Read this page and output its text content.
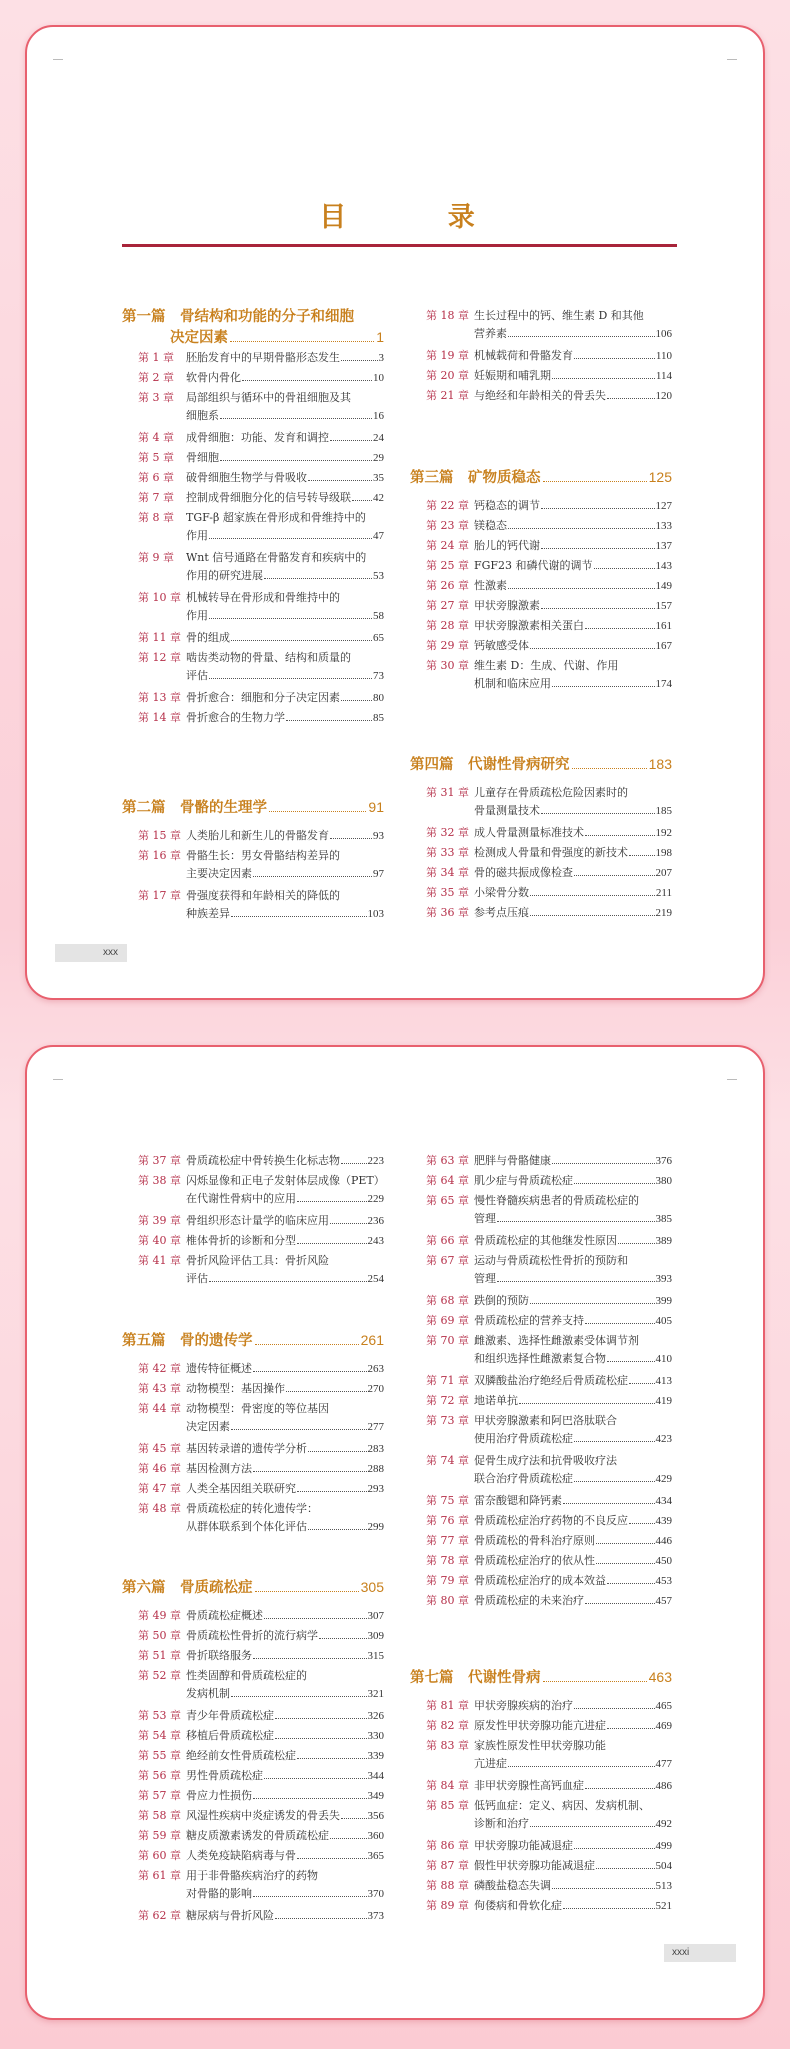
目 录
第一篇　骨结构和功能的分子和细胞
决定因素	1
第 1 章	胚胎发育中的早期骨骼形态发生	3
第 2 章	软骨内骨化	10
第 3 章	局部组织与循环中的骨祖细胞及其
细胞系	16
第 4 章	成骨细胞：功能、发育和调控	24
第 5 章	骨细胞	29
第 6 章	破骨细胞生物学与骨吸收	35
第 7 章	控制成骨细胞分化的信号转导级联 42
第 8 章	TGF-β 超家族在骨形成和骨维持中的
作用	47
第 9 章	Wnt 信号通路在骨骼发育和疾病中的
作用的研究进展	53
第 10 章 机械转导在骨形成和骨维持中的
作用	58
第 11 章 骨的组成	65
第 12 章 啮齿类动物的骨量、结构和质量的
评估	73
第 13 章 骨折愈合：细胞和分子决定因素	80
第 14 章 骨折愈合的生物力学	85
第二篇　骨骼的生理学	91
第 15 章 人类胎儿和新生儿的骨骼发育	93
第 16 章 骨骼生长：男女骨骼结构差异的
主要决定因素	97
第 17 章 骨强度获得和年龄相关的降低的
种族差异	103
第 18 章 生长过程中的钙、维生素 D 和其他
营养素	106
第 19 章 机械载荷和骨骼发育	110
第 20 章 妊娠期和哺乳期	114
第 21 章 与绝经和年龄相关的骨丢失	120
第三篇　矿物质稳态	125
第 22 章 钙稳态的调节	127
第 23 章 镁稳态	133
第 24 章 胎儿的钙代谢	137
第 25 章 FGF23 和磷代谢的调节	143
第 26 章 性激素	149
第 27 章 甲状旁腺激素	157
第 28 章 甲状旁腺激素相关蛋白	161
第 29 章 钙敏感受体	167
第 30 章 维生素 D：生成、代谢、作用
机制和临床应用	174
第四篇　代谢性骨病研究	183
第 31 章 儿童存在骨质疏松危险因素时的
骨量测量技术	185
第 32 章 成人骨量测量标准技术	192
第 33 章 检测成人骨量和骨强度的新技术	198
第 34 章 骨的磁共振成像检查	207
第 35 章 小梁骨分数	211
第 36 章 参考点压痕	219
xxx
第 37 章 骨质疏松症中骨转换生化标志物	223
第 38 章 闪烁显像和正电子发射体层成像（PET）
在代谢性骨病中的应用	229
第 39 章 骨组织形态计量学的临床应用	236
第 40 章 椎体骨折的诊断和分型	243
第 41 章 骨折风险评估工具：骨折风险
评估	254
第五篇　骨的遗传学	261
第 42 章 遗传特征概述	263
第 43 章 动物模型：基因操作	270
第 44 章 动物模型：骨密度的等位基因
决定因素	277
第 45 章 基因转录谱的遗传学分析	283
第 46 章 基因检测方法	288
第 47 章 人类全基因组关联研究	293
第 48 章 骨质疏松症的转化遗传学：
从群体联系到个体化评估	299
第六篇　骨质疏松症	305
第 49 章 骨质疏松症概述	307
第 50 章 骨质疏松性骨折的流行病学	309
第 51 章 骨折联络服务	315
第 52 章 性类固醇和骨质疏松症的
发病机制	321
第 53 章 青少年骨质疏松症	326
第 54 章 移植后骨质疏松症	330
第 55 章 绝经前女性骨质疏松症	339
第 56 章 男性骨质疏松症	344
第 57 章 骨应力性损伤	349
第 58 章 风湿性疾病中炎症诱发的骨丢失	356
第 59 章 糖皮质激素诱发的骨质疏松症	360
第 60 章 人类免疫缺陷病毒与骨	365
第 61 章 用于非骨骼疾病治疗的药物
对骨骼的影响	370
第 62 章 糖尿病与骨折风险	373
第 63 章 肥胖与骨骼健康	376
第 64 章 肌少症与骨质疏松症	380
第 65 章 慢性脊髓疾病患者的骨质疏松症的
管理	385
第 66 章 骨质疏松症的其他继发性原因	389
第 67 章 运动与骨质疏松性骨折的预防和
管理	393
第 68 章 跌倒的预防	399
第 69 章 骨质疏松症的营养支持	405
第 70 章 雌激素、选择性雌激素受体调节剂
和组织选择性雌激素复合物	410
第 71 章 双膦酸盐治疗绝经后骨质疏松症	413
第 72 章 地诺单抗	419
第 73 章 甲状旁腺激素和阿巴洛肽联合
使用治疗骨质疏松症	423
第 74 章 促骨生成疗法和抗骨吸收疗法
联合治疗骨质疏松症	429
第 75 章 雷奈酸锶和降钙素	434
第 76 章 骨质疏松症治疗药物的不良反应	439
第 77 章 骨质疏松的骨科治疗原则	446
第 78 章 骨质疏松症治疗的依从性	450
第 79 章 骨质疏松症治疗的成本效益	453
第 80 章 骨质疏松症的未来治疗	457
第七篇　代谢性骨病	463
第 81 章 甲状旁腺疾病的治疗	465
第 82 章 原发性甲状旁腺功能亢进症	469
第 83 章 家族性原发性甲状旁腺功能
亢进症	477
第 84 章 非甲状旁腺性高钙血症	486
第 85 章 低钙血症：定义、病因、发病机制、
诊断和治疗	492
第 86 章 甲状旁腺功能减退症	499
第 87 章 假性甲状旁腺功能减退症	504
第 88 章 磷酸盐稳态失调	513
第 89 章 佝偻病和骨软化症	521
xxxi
